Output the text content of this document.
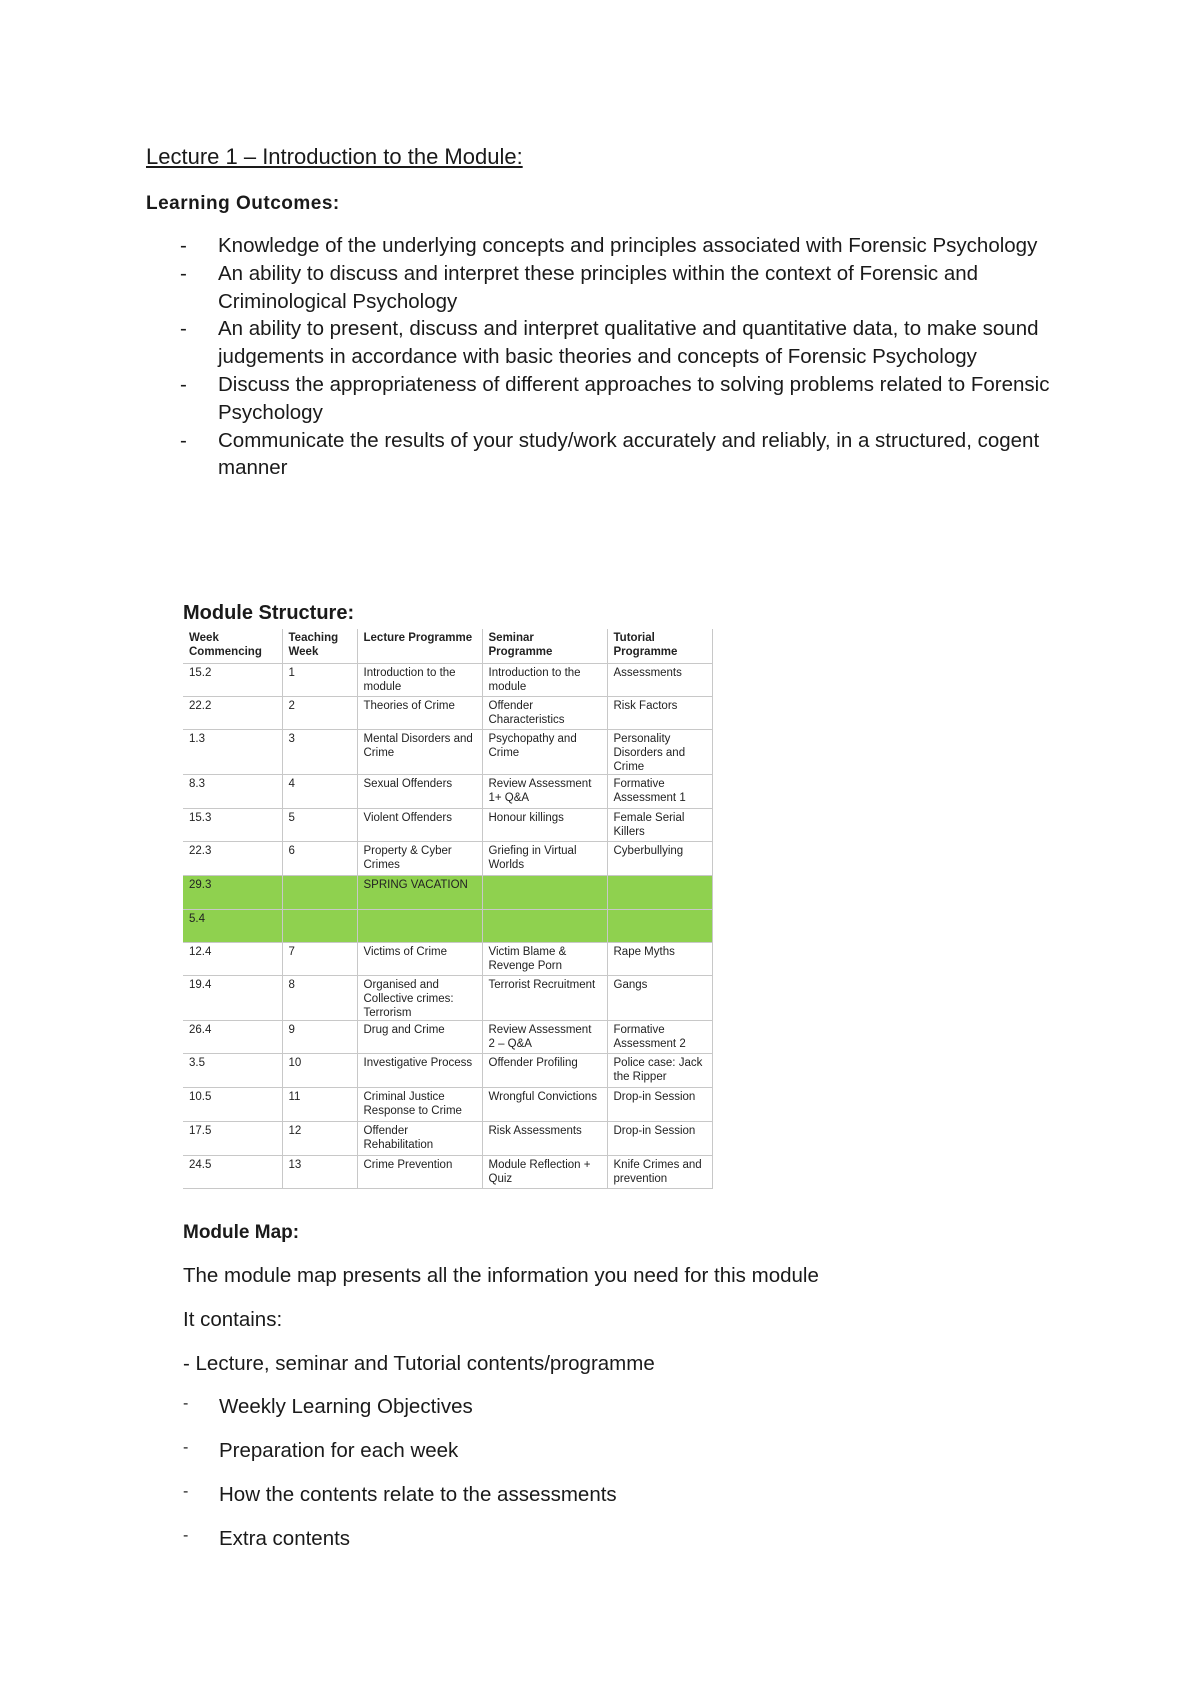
Lecture 1 – Introduction to the Module:
Learning Outcomes:
- Knowledge of the underlying concepts and principles associated with Forensic Psychology
- An ability to discuss and interpret these principles within the context of Forensic and Criminological Psychology
- An ability to present, discuss and interpret qualitative and quantitative data, to make sound judgements in accordance with basic theories and concepts of Forensic Psychology
- Discuss the appropriateness of different approaches to solving problems related to Forensic Psychology
- Communicate the results of your study/work accurately and reliably, in a structured, cogent manner
Module Structure:
Week Commencing	Teaching Week	Lecture Programme	Seminar Programme	Tutorial Programme
15.2	1	Introduction to the module	Introduction to the module	Assessments
22.2	2	Theories of Crime	Offender Characteristics	Risk Factors
1.3	3	Mental Disorders and Crime	Psychopathy and Crime	Personality Disorders and Crime
8.3	4	Sexual Offenders	Review Assessment 1+ Q&A	Formative Assessment 1
15.3	5	Violent Offenders	Honour killings	Female Serial Killers
22.3	6	Property & Cyber Crimes	Griefing in Virtual Worlds	Cyberbullying
29.3		SPRING VACATION		
5.4				
12.4	7	Victims of Crime	Victim Blame & Revenge Porn	Rape Myths
19.4	8	Organised and Collective crimes: Terrorism	Terrorist Recruitment	Gangs
26.4	9	Drug and Crime	Review Assessment 2 – Q&A	Formative Assessment 2
3.5	10	Investigative Process	Offender Profiling	Police case: Jack the Ripper
10.5	11	Criminal Justice Response to Crime	Wrongful Convictions	Drop-in Session
17.5	12	Offender Rehabilitation	Risk Assessments	Drop-in Session
24.5	13	Crime Prevention	Module Reflection + Quiz	Knife Crimes and prevention
Module Map:
The module map presents all the information you need for this module
It contains:
- Lecture, seminar and Tutorial contents/programme
- Weekly Learning Objectives
- Preparation for each week
- How the contents relate to the assessments
- Extra contents
